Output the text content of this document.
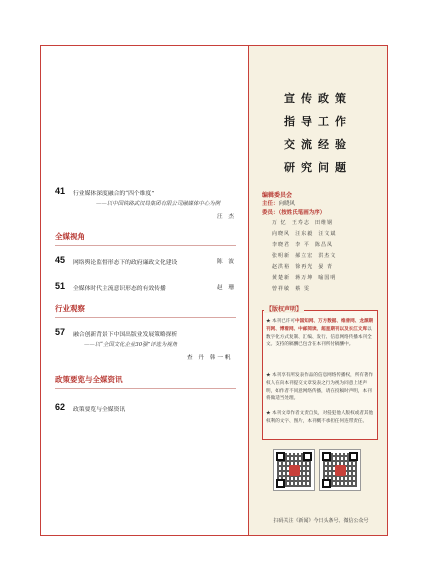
宣传政策
指导工作
交流经验
研究问题
编辑委员会
主任：向晓风
委员：（按姓氏笔画为序）
万 忆 王寿志 田维钢
向晓风 汪东毅 汪文斌
李晓君 李 平 陈昌凤
张明新 郝立宏 洪杰文
赵洪裕 徐再光 晏 青
黄楚新 蒋万坤 喻国明
曾祥敏 蔡 雯
【版权声明】
★ 本刊已许可中国知网、万方数据、维普网、龙源期刊网、博看网、中邮阅读、超星期刊以及长江文库以数字化方式复制、汇编、发行、信息网络传播本刊全文。支持的稿酬已包含在本刊所付稿酬中。
★ 本刊享有所发表作品的信息网络传播权，所有著作权人在向本刊提交文章发表之行为视为同意上述声明，如作者不同意网络传播，请在投稿时声明，本刊将做适当处理。
★ 本刊文章作者文责自负，对侵犯他人版权或者其他权利的文字、图片，本刊概不承担任何连带责任。
扫码关注《新闻》今日头条号、微信公众号
41 行业媒体深度融合的“四个维度”
——以中国铁路武汉局集团有限公司融媒体中心为例
汪 杰
全媒视角
45 网络舆论监督形态下的政府廉政文化建设	陈 波
51 全媒体时代主流意识形态的有效传播	赵 珊
行业观察
57 融合创新背景下中国出版业发展策略探析
——以“全国文化企业30强”评选为视角
查 丹 韩一帆
政策要览与全媒资讯
62 政策要览与全媒资讯
